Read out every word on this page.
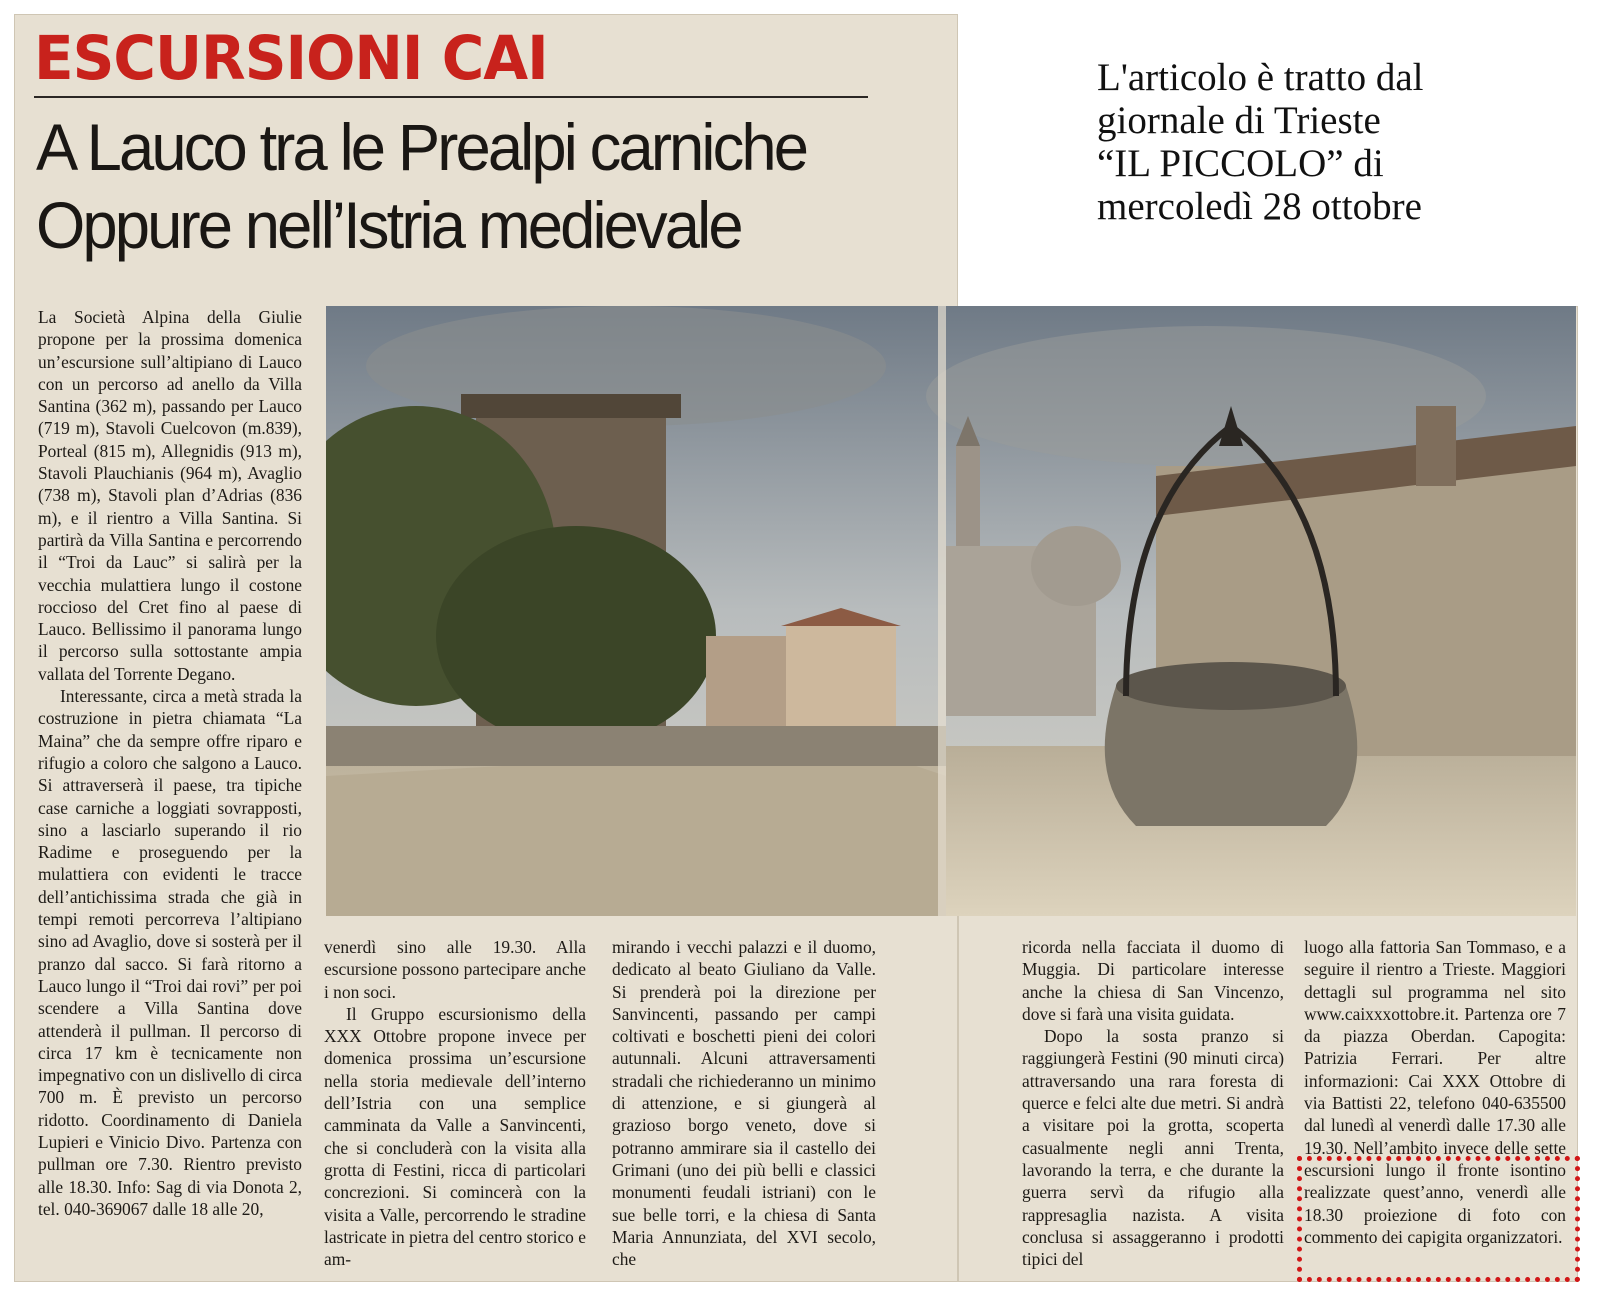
ESCURSIONI CAI
A Lauco tra le Prealpi carniche
Oppure nell’Istria medievale
L'articolo è tratto dal
giornale di Trieste
“IL PICCOLO” di
mercoledì 28 ottobre

La Società Alpina della Giulie propone per la prossima domenica un’escursione sull’altipiano di Lauco con un percorso ad anello da Villa Santina (362 m), passando per Lauco (719 m), Stavoli Cuelcovon (m.839), Porteal (815 m), Allegnidis (913 m), Stavoli Plauchianis (964 m), Avaglio (738 m), Stavoli plan d’Adrias (836 m), e il rientro a Villa Santina. Si partirà da Villa Santina e percorrendo il “Troi da Lauc” si salirà per la vecchia mulattiera lungo il costone roccioso del Cret fino al paese di Lauco. Bellissimo il panorama lungo il percorso sulla sottostante ampia vallata del Torrente Degano.

Interessante, circa a metà strada la costruzione in pietra chiamata “La Maina” che da sempre offre riparo e rifugio a coloro che salgono a Lauco. Si attraverserà il paese, tra tipiche case carniche a loggiati sovrapposti, sino a lasciarlo superando il rio Radime e proseguendo per la mulattiera con evidenti le tracce dell’antichissima strada che già in tempi remoti percorreva l’altipiano sino ad Avaglio, dove si sosterà per il pranzo dal sacco. Si farà ritorno a Lauco lungo il “Troi dai rovi” per poi scendere a Villa Santina dove attenderà il pullman. Il percorso di circa 17 km è tecnicamente non impegnativo con un dislivello di circa 700 m. È previsto un percorso ridotto. Coordinamento di Daniela Lupieri e Vinicio Divo. Partenza con pullman ore 7.30. Rientro previsto alle 18.30. Info: Sag di via Donota 2, tel. 040-369067 dalle 18 alle 20,

venerdì sino alle 19.30. Alla escursione possono partecipare anche i non soci.

Il Gruppo escursionismo della XXX Ottobre propone invece per domenica prossima un’escursione nella storia medievale dell’interno dell’Istria con una semplice camminata da Valle a Sanvincenti, che si concluderà con la visita alla grotta di Festini, ricca di particolari concrezioni. Si comincerà con la visita a Valle, percorrendo le stradine lastricate in pietra del centro storico e am-

mirando i vecchi palazzi e il duomo, dedicato al beato Giuliano da Valle. Si prenderà poi la direzione per Sanvincenti, passando per campi coltivati e boschetti pieni dei colori autunnali. Alcuni attraversamenti stradali che richiederanno un minimo di attenzione, e si giungerà al grazioso borgo veneto, dove si potranno ammirare sia il castello dei Grimani (uno dei più belli e classici monumenti feudali istriani) con le sue belle torri, e la chiesa di Santa Maria Annunziata, del XVI secolo, che

ricorda nella facciata il duomo di Muggia. Di particolare interesse anche la chiesa di San Vincenzo, dove si farà una visita guidata.

Dopo la sosta pranzo si raggiungerà Festini (90 minuti circa) attraversando una rara foresta di querce e felci alte due metri. Si andrà a visitare poi la grotta, scoperta casualmente negli anni Trenta, lavorando la terra, e che durante la guerra servì da rifugio alla rappresaglia nazista. A visita conclusa si assaggeranno i prodotti tipici del

luogo alla fattoria San Tommaso, e a seguire il rientro a Trieste. Maggiori dettagli sul programma nel sito www.caixxxottobre.it. Partenza ore 7 da piazza Oberdan. Capogita: Patrizia Ferrari. Per altre informazioni: Cai XXX Ottobre di via Battisti 22, telefono 040-635500 dal lunedì al venerdì dalle 17.30 alle 19.30. Nell’ambito invece delle sette escursioni lungo il fronte isontino realizzate quest’anno, venerdì alle 18.30 proiezione di foto con commento dei capigita organizzatori.
